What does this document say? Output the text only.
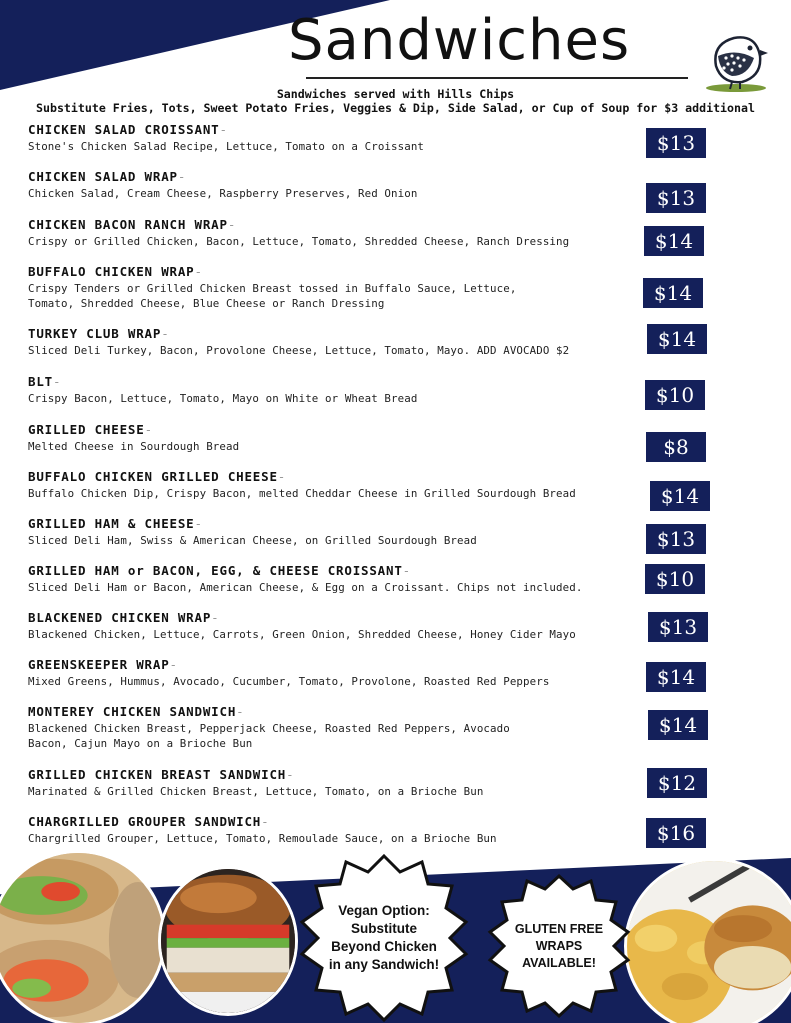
Sandwiches
Sandwiches served with Hills Chips
Substitute Fries, Tots, Sweet Potato Fries, Veggies & Dip, Side Salad, or Cup of Soup for $3 additional
CHICKEN SALAD CROISSANT -
Stone's Chicken Salad Recipe, Lettuce, Tomato on a Croissant	$13
CHICKEN SALAD WRAP -
Chicken Salad, Cream Cheese, Raspberry Preserves, Red Onion	$13
CHICKEN BACON RANCH WRAP -
Crispy or Grilled Chicken, Bacon, Lettuce, Tomato, Shredded Cheese, Ranch Dressing	$14
BUFFALO CHICKEN WRAP -
Crispy Tenders or Grilled Chicken Breast tossed in Buffalo Sauce, Lettuce,
Tomato, Shredded Cheese, Blue Cheese or Ranch Dressing	$14
TURKEY CLUB WRAP -
Sliced Deli Turkey, Bacon, Provolone Cheese, Lettuce, Tomato, Mayo. ADD AVOCADO $2	$14
BLT -
Crispy Bacon, Lettuce, Tomato, Mayo on White or Wheat Bread	$10
GRILLED CHEESE -
Melted Cheese in Sourdough Bread	$8
BUFFALO CHICKEN GRILLED CHEESE -
Buffalo Chicken Dip, Crispy Bacon, melted Cheddar Cheese in Grilled Sourdough Bread	$14
GRILLED HAM & CHEESE -
Sliced Deli Ham, Swiss & American Cheese, on Grilled Sourdough Bread	$13
GRILLED HAM or BACON, EGG, & CHEESE CROISSANT -
Sliced Deli Ham or Bacon, American Cheese, & Egg on a Croissant. Chips not included.	$10
BLACKENED CHICKEN WRAP -
Blackened Chicken, Lettuce, Carrots, Green Onion, Shredded Cheese, Honey Cider Mayo	$13
GREENSKEEPER WRAP -
Mixed Greens, Hummus, Avocado, Cucumber, Tomato, Provolone, Roasted Red Peppers	$14
MONTEREY CHICKEN SANDWICH -
Blackened Chicken Breast, Pepperjack Cheese, Roasted Red Peppers, Avocado
Bacon, Cajun Mayo on a Brioche Bun
$14
GRILLED CHICKEN BREAST SANDWICH -
Marinated & Grilled Chicken Breast, Lettuce, Tomato, on a Brioche Bun	$12
CHARGRILLED GROUPER SANDWICH -
Chargrilled Grouper, Lettuce, Tomato, Remoulade Sauce, on a Brioche Bun	$16
Vegan Option:
Substitute
Beyond Chicken
in any Sandwich!
GLUTEN FREE
WRAPS
AVAILABLE!
